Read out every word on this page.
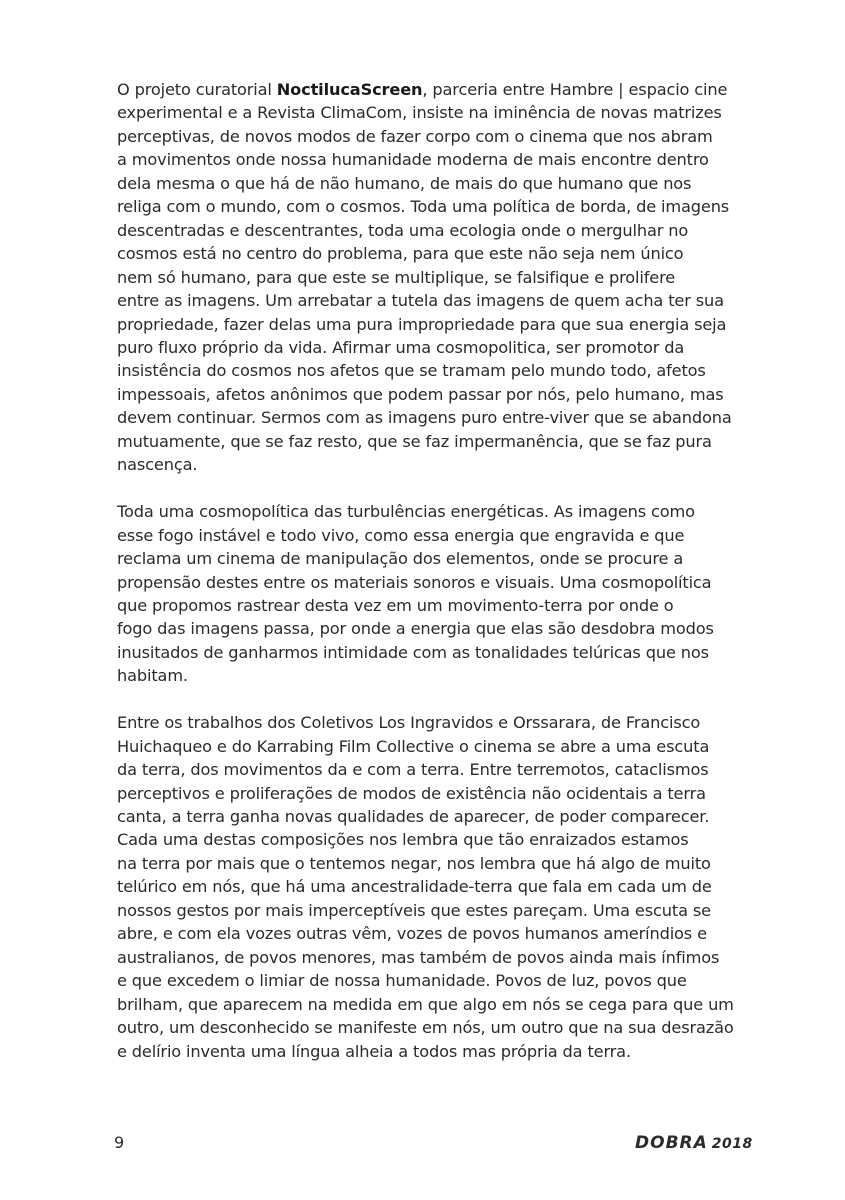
O projeto curatorial NoctilucaScreen, parceria entre Hambre | espacio cine
experimental e a Revista ClimaCom, insiste na iminência de novas matrizes
perceptivas, de novos modos de fazer corpo com o cinema que nos abram
a movimentos onde nossa humanidade moderna de mais encontre dentro
dela mesma o que há de não humano, de mais do que humano que nos
religa com o mundo, com o cosmos. Toda uma política de borda, de imagens
descentradas e descentrantes, toda uma ecologia onde o mergulhar no
cosmos está no centro do problema, para que este não seja nem único
nem só humano, para que este se multiplique, se falsifique e prolifere
entre as imagens. Um arrebatar a tutela das imagens de quem acha ter sua
propriedade, fazer delas uma pura impropriedade para que sua energia seja
puro fluxo próprio da vida. Afirmar uma cosmopolitica, ser promotor da
insistência do cosmos nos afetos que se tramam pelo mundo todo, afetos
impessoais, afetos anônimos que podem passar por nós, pelo humano, mas
devem continuar. Sermos com as imagens puro entre-viver que se abandona
mutuamente, que se faz resto, que se faz impermanência, que se faz pura
nascença.
Toda uma cosmopolítica das turbulências energéticas. As imagens como
esse fogo instável e todo vivo, como essa energia que engravida e que
reclama um cinema de manipulação dos elementos, onde se procure a
propensão destes entre os materiais sonoros e visuais. Uma cosmopolítica
que propomos rastrear desta vez em um movimento-terra por onde o
fogo das imagens passa, por onde a energia que elas são desdobra modos
inusitados de ganharmos intimidade com as tonalidades telúricas que nos
habitam.
Entre os trabalhos dos Coletivos Los Ingravidos e Orssarara, de Francisco
Huichaqueo e do Karrabing Film Collective o cinema se abre a uma escuta
da terra, dos movimentos da e com a terra. Entre terremotos, cataclismos
perceptivos e proliferações de modos de existência não ocidentais a terra
canta, a terra ganha novas qualidades de aparecer, de poder comparecer.
Cada uma destas composições nos lembra que tão enraizados estamos
na terra por mais que o tentemos negar, nos lembra que há algo de muito
telúrico em nós, que há uma ancestralidade-terra que fala em cada um de
nossos gestos por mais imperceptíveis que estes pareçam. Uma escuta se
abre, e com ela vozes outras vêm, vozes de povos humanos ameríndios e
australianos, de povos menores, mas também de povos ainda mais ínfimos
e que excedem o limiar de nossa humanidade. Povos de luz, povos que
brilham, que aparecem na medida em que algo em nós se cega para que um
outro, um desconhecido se manifeste em nós, um outro que na sua desrazão
e delírio inventa uma língua alheia a todos mas própria da terra.
9	DOBRA 2018
